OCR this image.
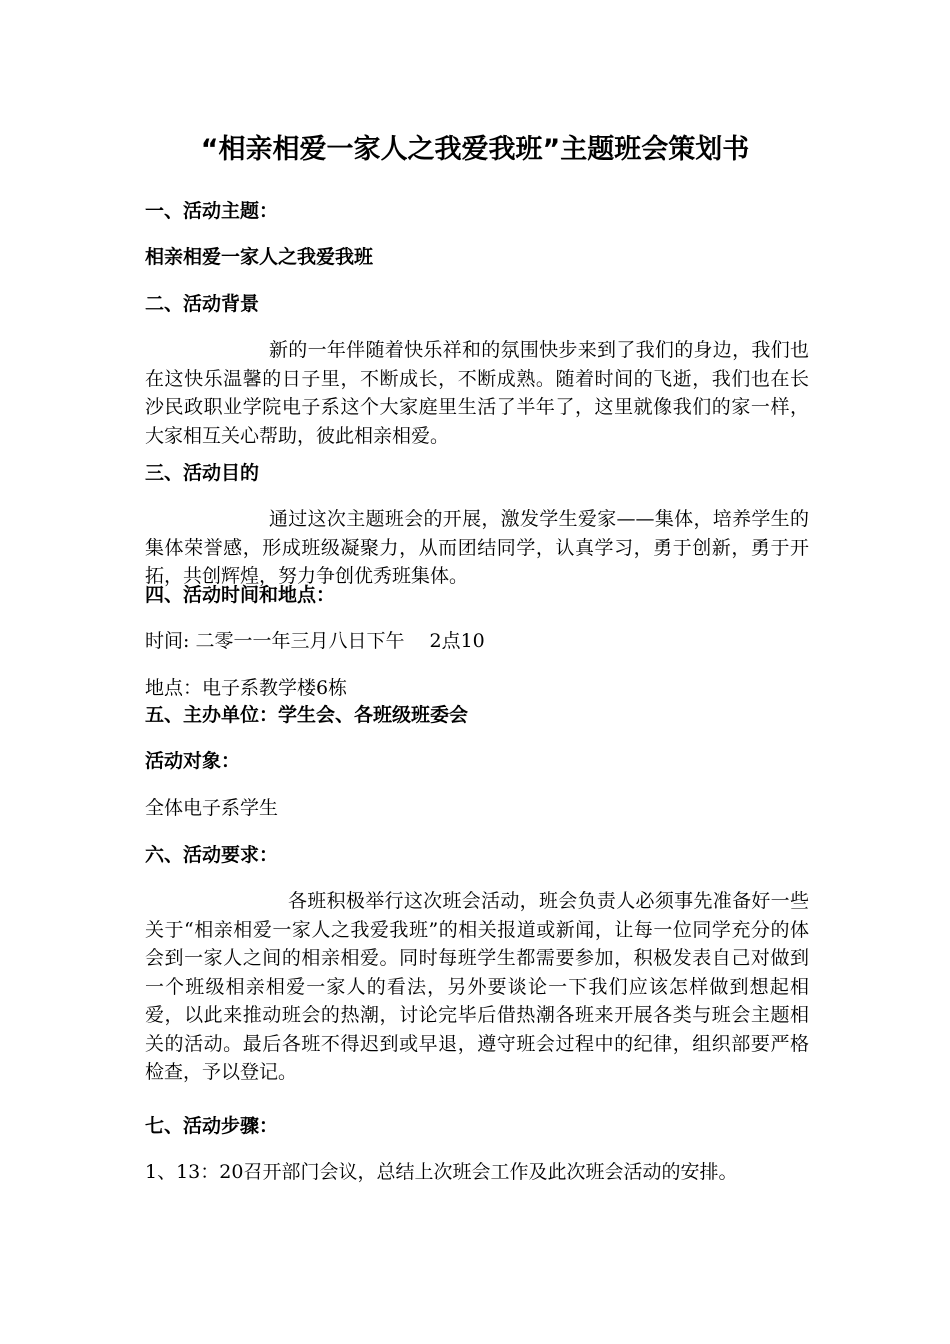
“相亲相爱一家人之我爱我班”主题班会策划书
一、活动主题：
相亲相爱一家人之我爱我班
二、活动背景

新的一年伴随着快乐祥和的氛围快步来到了我们的身边，我们也在这快乐温馨的日子里，不断成长，不断成熟。随着时间的飞逝，我们也在长沙民政职业学院电子系这个大家庭里生活了半年了，这里就像我们的家一样，大家相互关心帮助，彼此相亲相爱。

三、活动目的

通过这次主题班会的开展，激发学生爱家——集体，培养学生的集体荣誉感，形成班级凝聚力，从而团结同学，认真学习，勇于创新，勇于开拓，共创辉煌，努力争创优秀班集体。

四、活动时间和地点：
时间: 二零一一年三月八日下午　 2点10
地点：电子系教学楼6栋
五、主办单位：学生会、各班级班委会
活动对象：
全体电子系学生
六、活动要求：

各班积极举行这次班会活动，班会负责人必须事先准备好一些关于“相亲相爱一家人之我爱我班”的相关报道或新闻，让每一位同学充分的体会到一家人之间的相亲相爱。同时每班学生都需要参加，积极发表自己对做到一个班级相亲相爱一家人的看法，另外要谈论一下我们应该怎样做到想起相爱，以此来推动班会的热潮，讨论完毕后借热潮各班来开展各类与班会主题相关的活动。最后各班不得迟到或早退，遵守班会过程中的纪律，组织部要严格检查，予以登记。

七、活动步骤：
1、13：20召开部门会议，总结上次班会工作及此次班会活动的安排。
